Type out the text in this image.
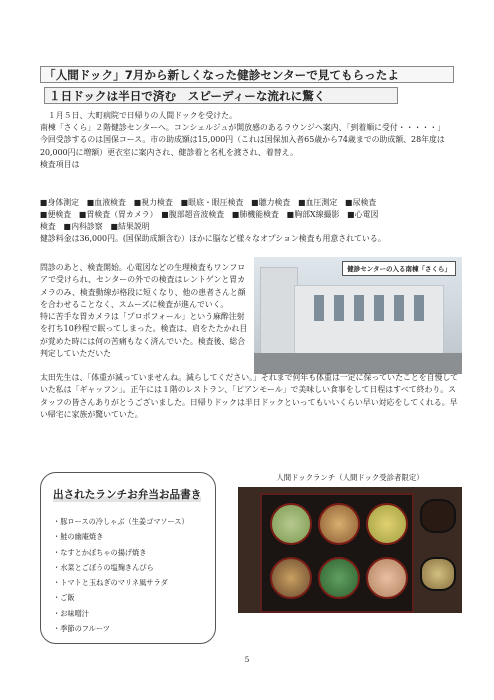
「人間ドック」7月から新しくなった健診センターで見てもらったよ
１日ドックは半日で済む　スピーディーな流れに驚く
　１月５日、大町病院で日帰りの人間ドックを受けた。
南棟「さくら」２階健診センターへ。コンシェルジュが開放感のあるラウンジへ案内、「到着順に受付・・・・・」
今回受診するのは国保コース。市の助成額は15,000円（これは国保加入者65歳から74歳までの助成額、28年度は20,000円に増額）更衣室に案内され、健診着と名札を渡され、着替え。
検査項目は
■身体測定　■血液検査　■視力検査　■眼底・眼圧検査　■聴力検査　■血圧測定　■尿検査
■便検査　■胃検査（胃カメラ）　■腹部超音波検査　■肺機能検査　■胸部X線撮影　■心電図
検査　■内科診察　■結果説明
健診料金は36,000円。(国保助成額含む）ほかに脳など様々なオプション検査も用意されている。
問診のあと、検査開始。心電図などの生理検査もワンフロアで受けられ、センターの外での検査はレントゲンと胃カメラのみ、検査動線が格段に短くなり、他の患者さんと顔を合わせることなく、スムーズに検査が進んでいく。
特に苦手な胃カメラは「プロポフォール」という麻酔注射を打ち10秒程で眠ってしまった。検査は、肩をたたかれ目が覚めた時には何の苦痛もなく済んでいた。検査後、総合判定していただいた
健診センターの入る南棟「さくら」
太田先生は、「体重が減っていませんね。減らしてください。」それまで何年も体重は一定に保っていたことを自慢していた私は「ギャッフン」。正午には１階のレストラン、「ピアンモール」で美味しい食事をして日程はすべて終わり。スタッフの皆さんありがとうございました。日帰りドックは半日ドックといってもいいくらい早い対応をしてくれる。早い帰宅に家族が驚いていた。
出されたランチお弁当お品書き
・豚ロースの冷しゃぶ（生姜ゴマソース）
・鮭の幽庵焼き
・なすとかぼちゃの揚げ焼き
・水菜とごぼうの塩麹きんぴら
・トマトと玉ねぎのマリネ風サラダ
・ご飯
・お味噌汁
・季節のフルーツ
人間ドックランチ（人間ドック受診者限定）
5
